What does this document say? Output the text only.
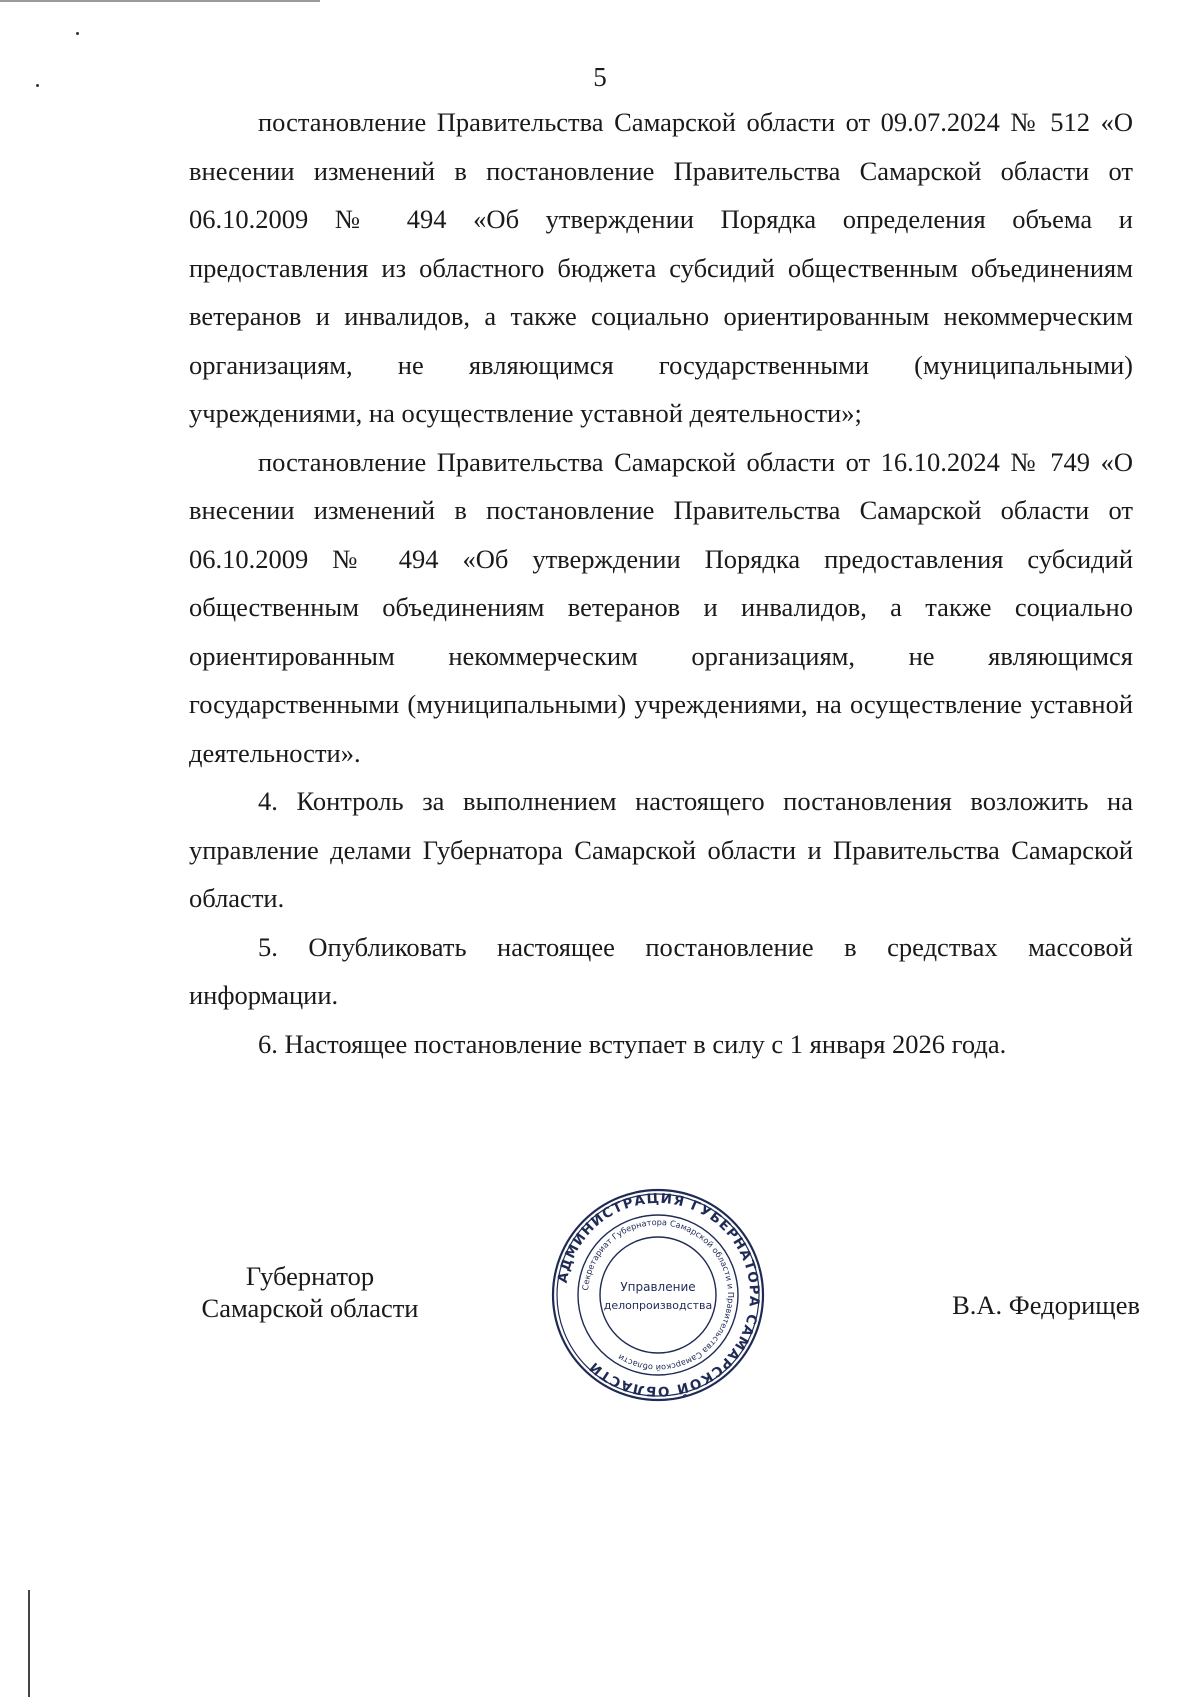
5

постановление Правительства Самарской области от 09.07.2024 № 512 «О внесении изменений в постановление Правительства Самарской области от 06.10.2009 № 494 «Об утверждении Порядка определения объема и предоставления из областного бюджета субсидий общественным объединениям ветеранов и инвалидов, а также социально ориентированным некоммерческим организациям, не являющимся государственными (муниципальными) учреждениями, на осуществление уставной деятельности»;

постановление Правительства Самарской области от 16.10.2024 № 749 «О внесении изменений в постановление Правительства Самарской области от 06.10.2009 № 494 «Об утверждении Порядка предоставления субсидий общественным объединениям ветеранов и инвалидов, а также социально ориентированным некоммерческим организациям, не являющимся государственными (муниципальными) учреждениями, на осуществление уставной деятельности».

4. Контроль за выполнением настоящего постановления возложить на управление делами Губернатора Самарской области и Правительства Самарской области.

5. Опубликовать настоящее постановление в средствах массовой информации.

6. Настоящее постановление вступает в силу с 1 января 2026 года.

Губернатор
Самарской области
АДМИНИСТРАЦИЯ ГУБЕРНАТОРА САМАРСКОЙ ОБЛАСТИ
Секретариат Губернатора Самарской области и Правительства Самарской области
Управление
делопроизводства	В.А. Федорищев
